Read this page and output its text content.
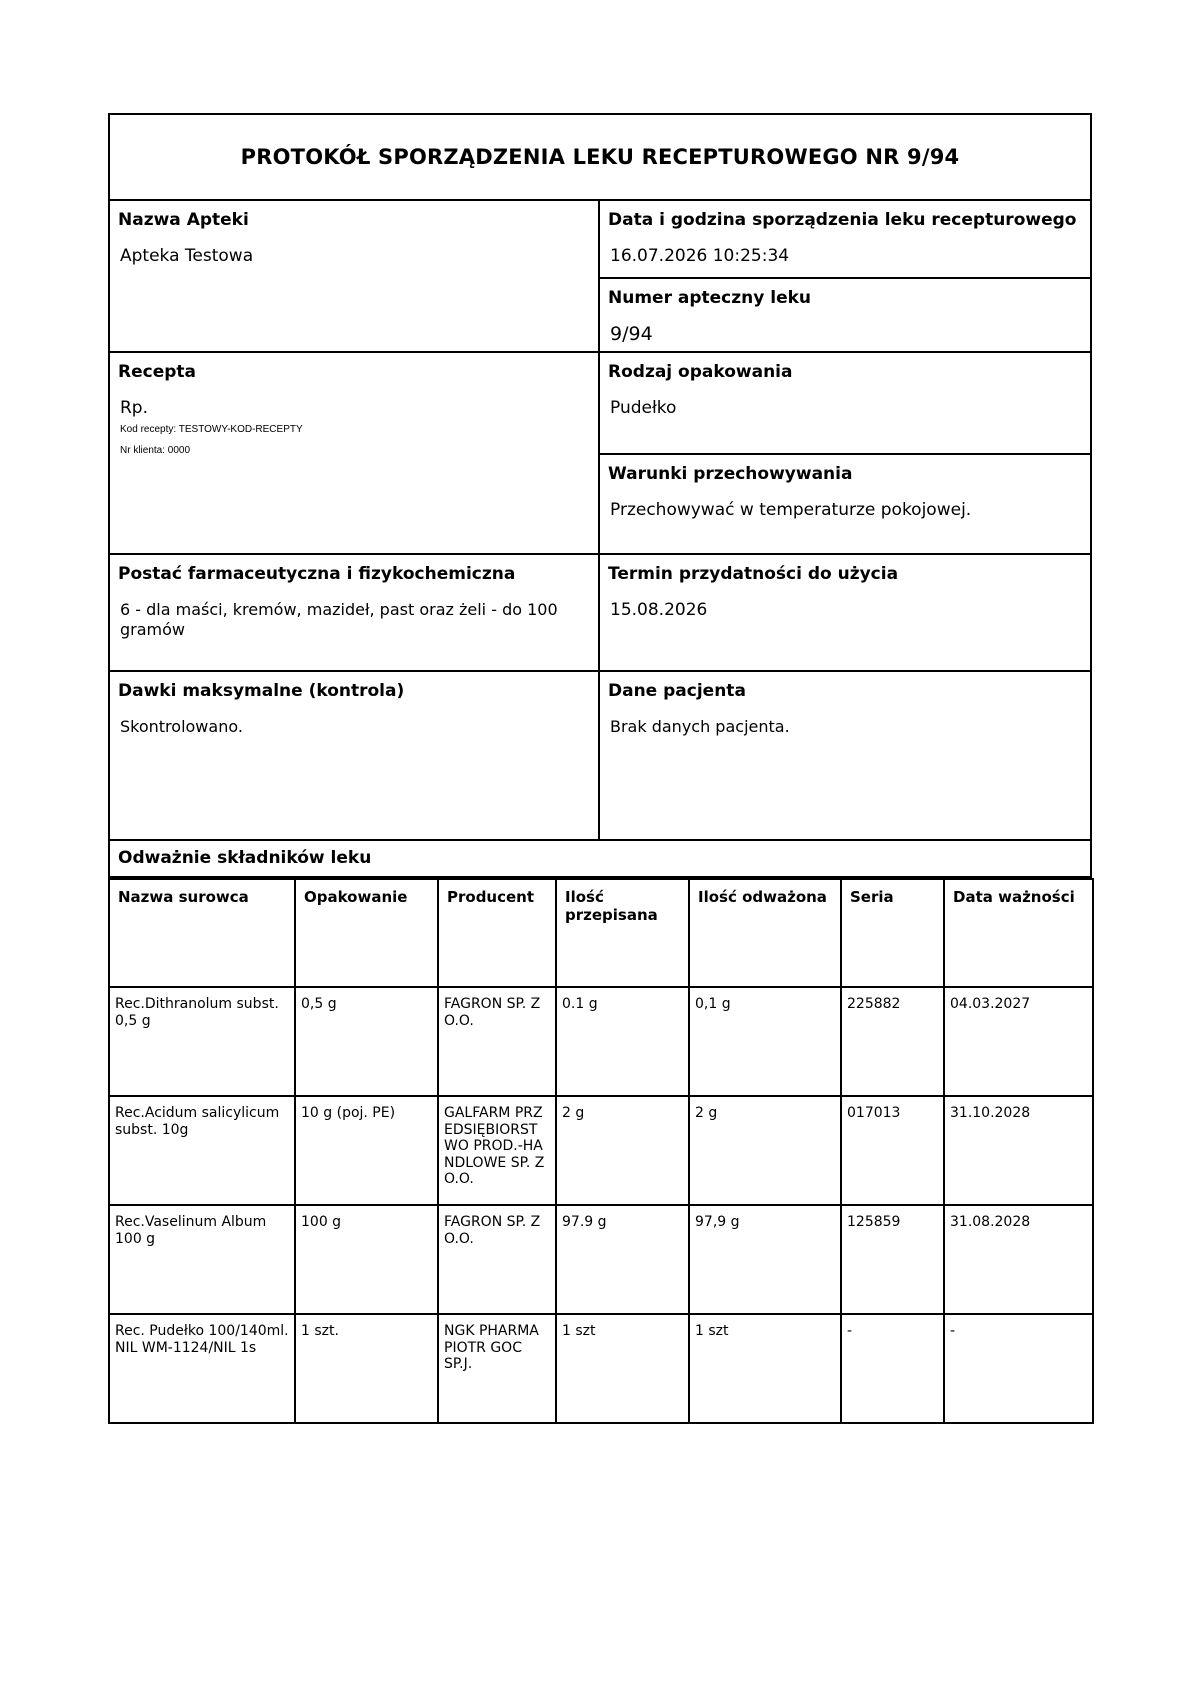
PROTOKÓŁ SPORZĄDZENIA LEKU RECEPTUROWEGO NR 9/94
Nazwa Apteki
Apteka Testowa
Data i godzina sporządzenia leku recepturowego
16.07.2026 10:25:34
Numer apteczny leku
9/94
Recepta
Rp.
Kod recepty: TESTOWY-KOD-RECEPTY
Nr klienta: 0000
Rodzaj opakowania
Pudełko
Warunki przechowywania
Przechowywać w temperaturze pokojowej.
Postać farmaceutyczna i fizykochemiczna
6 - dla maści, kremów, mazideł, past oraz żeli - do 100 gramów
Termin przydatności do użycia
15.08.2026
Dawki maksymalne (kontrola)
Skontrolowano.
Dane pacjenta
Brak danych pacjenta.
Odważnie składników leku
Nazwa surowca	Opakowanie	Producent	Ilość przepisana	Ilość odważona	Seria	Data ważności
Rec.Dithranolum subst. 0,5 g	0,5 g	FAGRON SP. Z O.O.	0.1 g	0,1 g	225882	04.03.2027
Rec.Acidum salicylicum subst. 10g	10 g (poj. PE)	GALFARM PRZ EDSIĘBIORST WO PROD.-HA NDLOWE SP. Z O.O.	2 g	2 g	017013	31.10.2028
Rec.Vaselinum Album 100 g	100 g	FAGRON SP. Z O.O.	97.9 g	97,9 g	125859	31.08.2028
Rec. Pudełko 100/140ml. NIL WM-1124/NIL 1s	1 szt.	NGK PHARMA PIOTR GOC SP.J.	1 szt	1 szt	-	-
